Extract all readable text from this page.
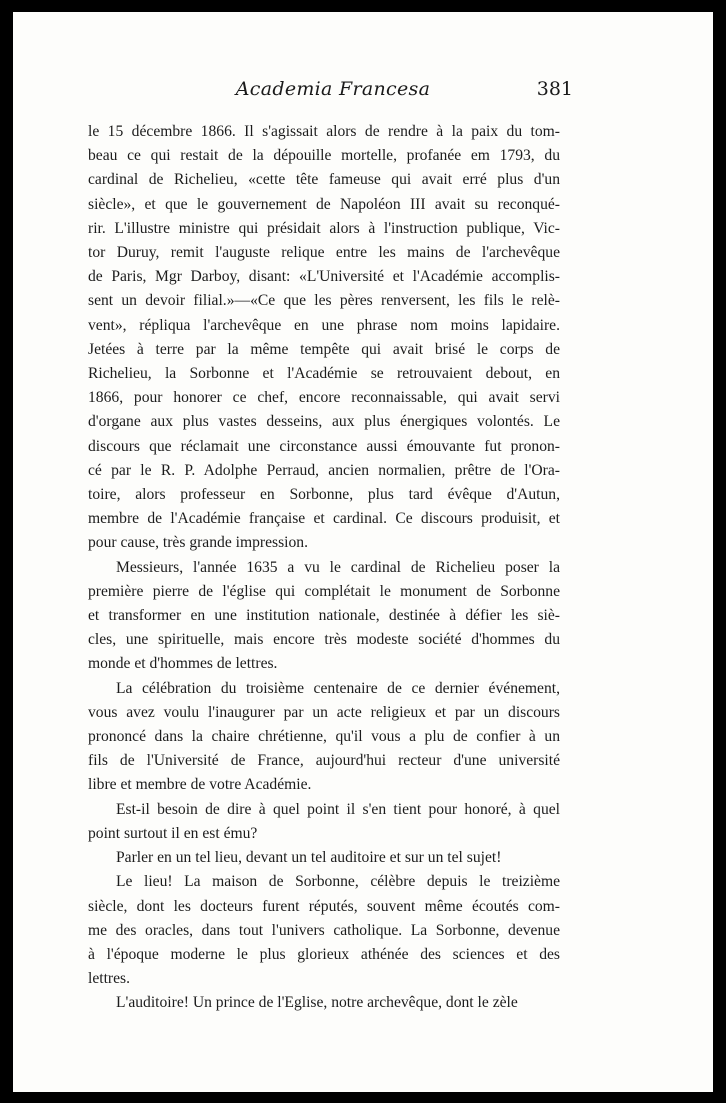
Academia Francesa	381

le 15 décembre 1866. Il s'agissait alors de rendre à la paix du tom-
beau ce qui restait de la dépouille mortelle, profanée em 1793, du
cardinal de Richelieu, «cette tête fameuse qui avait erré plus d'un
siècle», et que le gouvernement de Napoléon III avait su reconqué-
rir. L'illustre ministre qui présidait alors à l'instruction publique, Vic-
tor Duruy, remit l'auguste relique entre les mains de l'archevêque
de Paris, Mgr Darboy, disant: «L'Université et l'Académie accomplis-
sent un devoir filial.»—«Ce que les pères renversent, les fils le relè-
vent», répliqua l'archevêque en une phrase nom moins lapidaire.
Jetées à terre par la même tempête qui avait brisé le corps de
Richelieu, la Sorbonne et l'Académie se retrouvaient debout, en
1866, pour honorer ce chef, encore reconnaissable, qui avait servi
d'organe aux plus vastes desseins, aux plus énergiques volontés. Le
discours que réclamait une circonstance aussi émouvante fut pronon-
cé par le R. P. Adolphe Perraud, ancien normalien, prêtre de l'Ora-
toire, alors professeur en Sorbonne, plus tard évêque d'Autun,
membre de l'Académie française et cardinal. Ce discours produisit, et
pour cause, très grande impression.

Messieurs, l'année 1635 a vu le cardinal de Richelieu poser la
première pierre de l'église qui complétait le monument de Sorbonne
et transformer en une institution nationale, destinée à défier les siè-
cles, une spirituelle, mais encore très modeste société d'hommes du
monde et d'hommes de lettres.

La célébration du troisième centenaire de ce dernier événement,
vous avez voulu l'inaugurer par un acte religieux et par un discours
prononcé dans la chaire chrétienne, qu'il vous a plu de confier à un
fils de l'Université de France, aujourd'hui recteur d'une université
libre et membre de votre Académie.

Est-il besoin de dire à quel point il s'en tient pour honoré, à quel
point surtout il en est ému?

Parler en un tel lieu, devant un tel auditoire et sur un tel sujet!

Le lieu! La maison de Sorbonne, célèbre depuis le treizième
siècle, dont les docteurs furent réputés, souvent même écoutés com-
me des oracles, dans tout l'univers catholique. La Sorbonne, devenue
à l'époque moderne le plus glorieux athénée des sciences et des
lettres.

L'auditoire! Un prince de l'Eglise, notre archevêque, dont le zèle
